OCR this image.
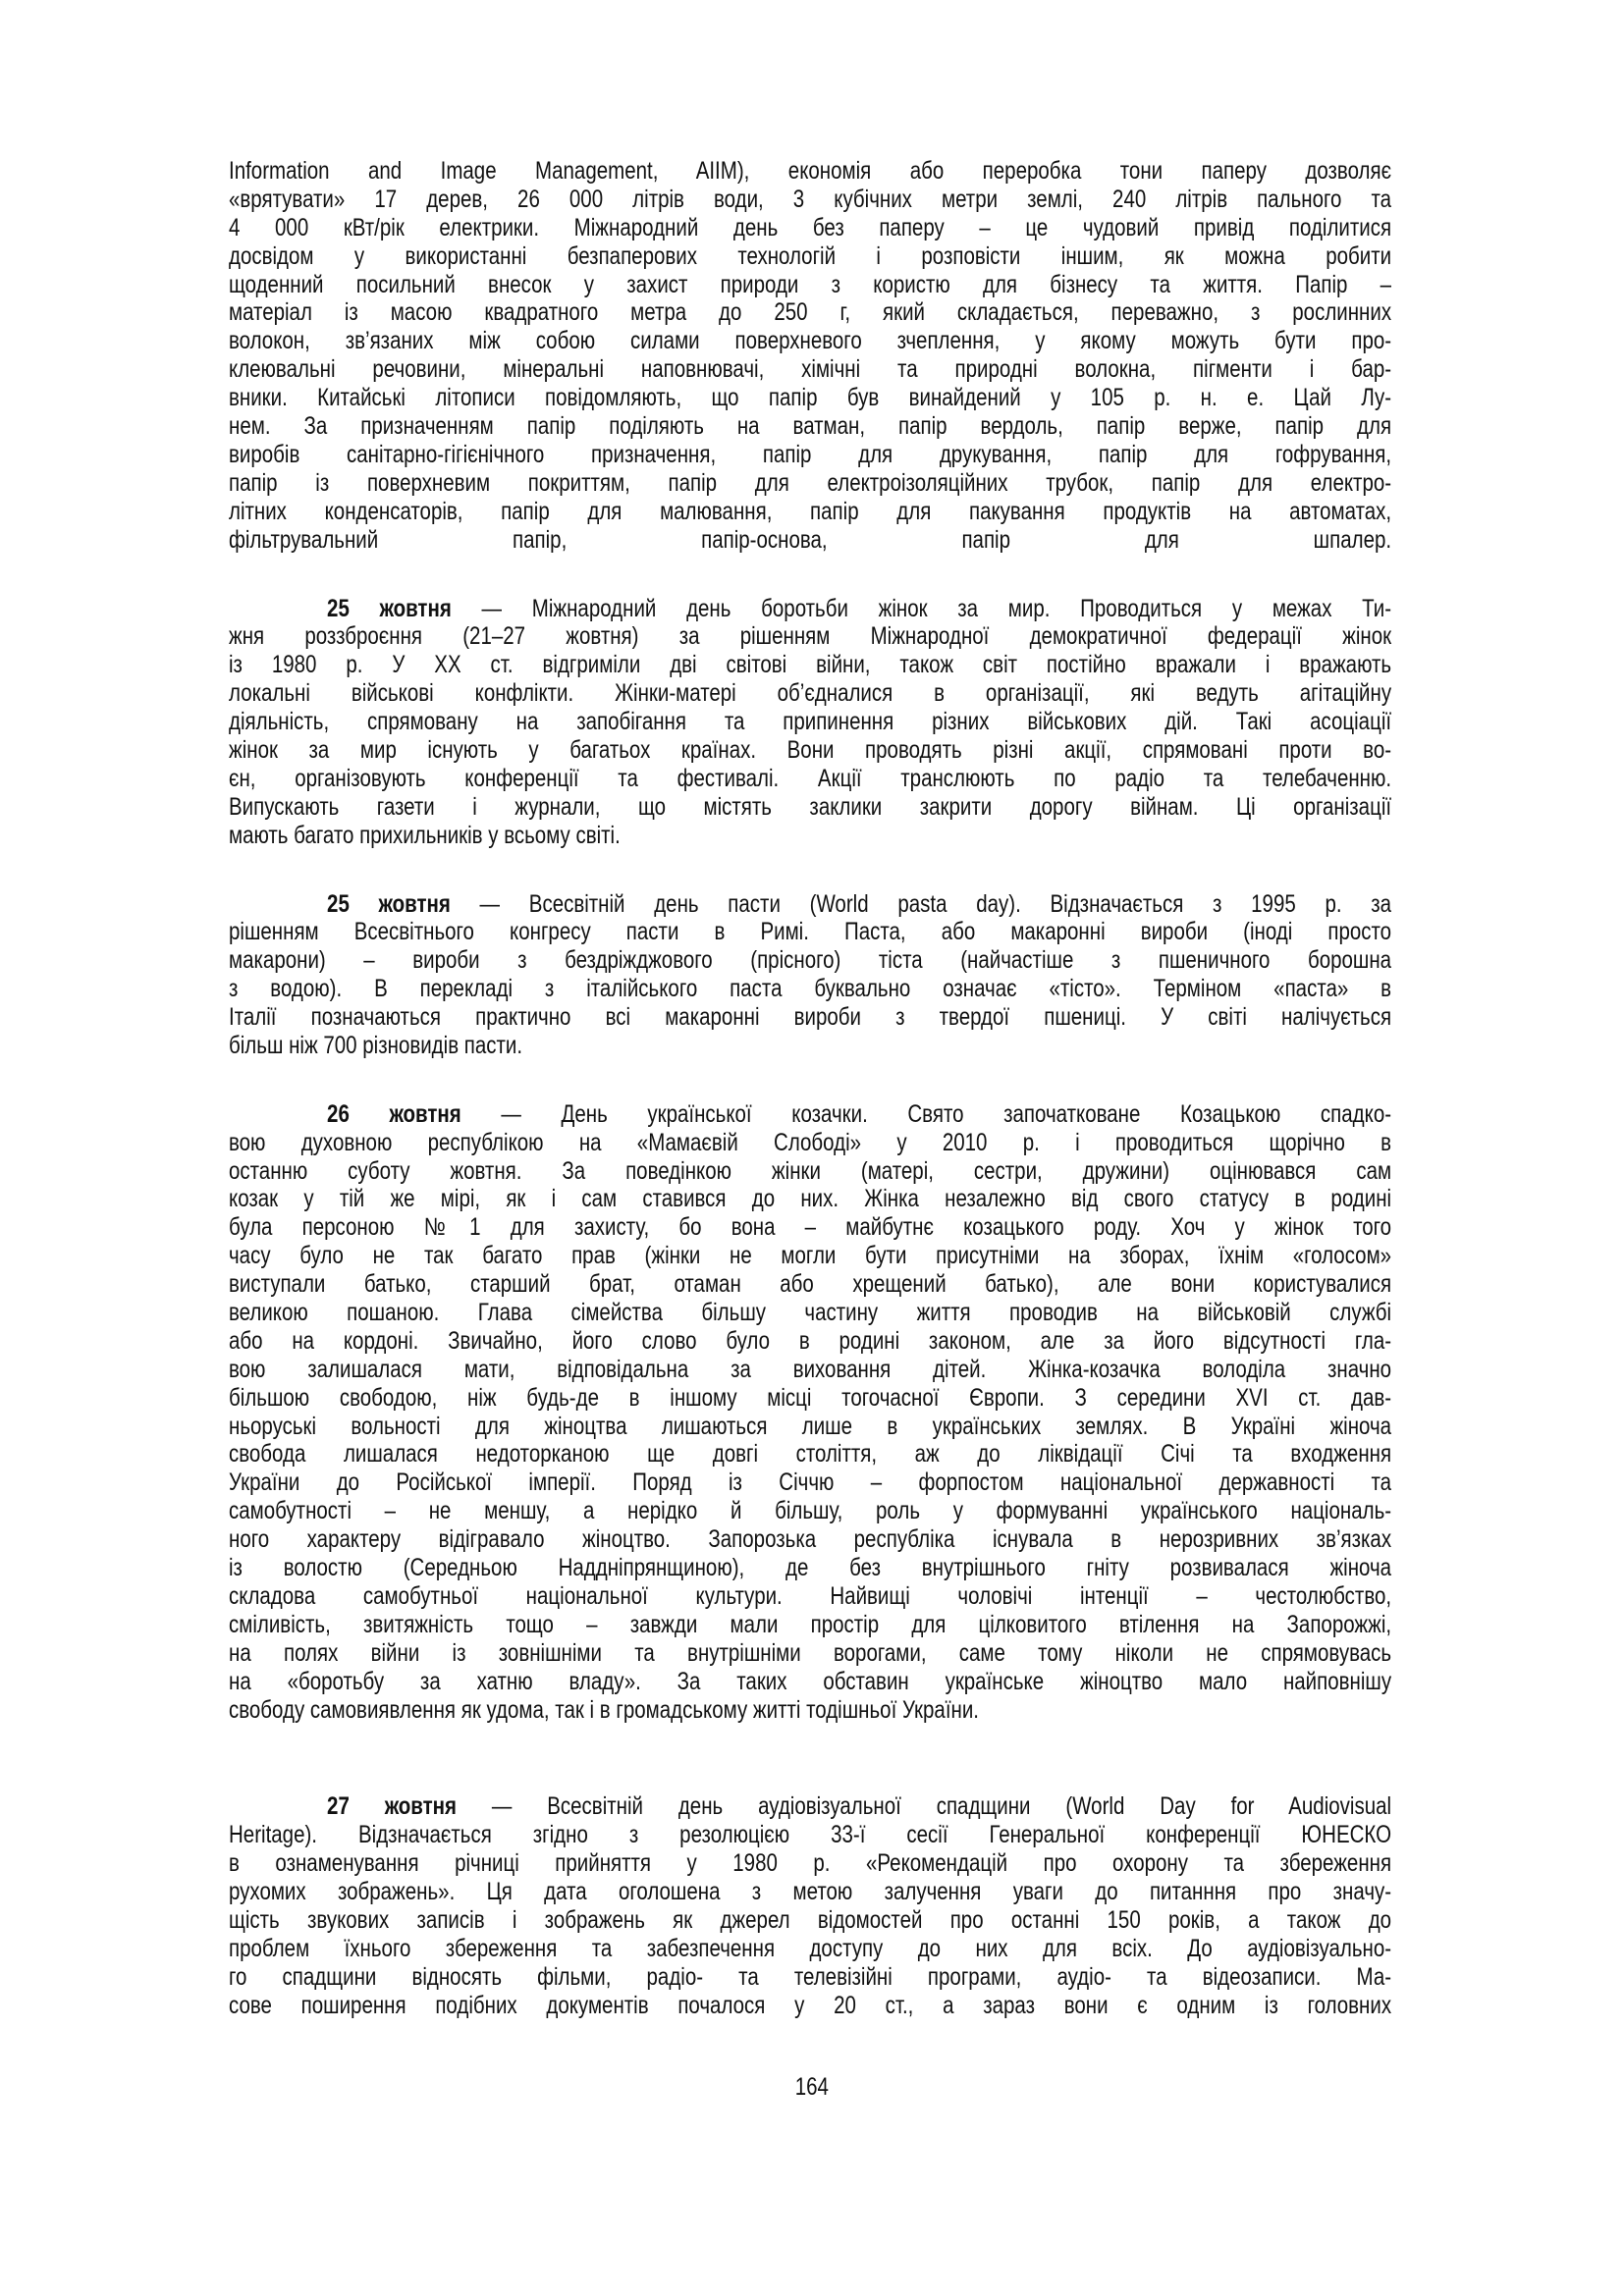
Information and Image Management, AIIM), економія або переробка тони паперу дозволяє
«врятувати» 17 дерев, 26 000 літрів води, 3 кубічних метри землі, 240 літрів пального та
4 000 кВт/рік електрики. Міжнародний день без паперу – це чудовий привід поділитися
досвідом у використанні безпаперових технологій і розповісти іншим, як можна робити
щоденний посильний внесок у захист природи з користю для бізнесу та життя. Папір –
матеріал із масою квадратного метра до 250 г, який складається, переважно, з рослинних
волокон, зв’язаних між собою силами поверхневого зчеплення, у якому можуть бути про-
клеювальні речовини, мінеральні наповнювачі, хімічні та природні волокна, пігменти і бар-
вники. Китайські літописи повідомляють, що папір був винайдений у 105 р. н. е. Цай Лу-
нем. За призначенням папір поділяють на ватман, папір вердоль, папір верже, папір для
виробів санітарно-гігієнічного призначення, папір для друкування, папір для гофрування,
папір із поверхневим покриттям, папір для електроізоляційних трубок, папір для електро-
літних конденсаторів, папір для малювання, папір для пакування продуктів на автоматах,
фільтрувальний папір, папір-основа, папір для шпалер.
25 жовтня — Міжнародний день боротьби жінок за мир. Проводиться у межах Ти-
жня роззброєння (21–27 жовтня) за рішенням Міжнародної демократичної федерації жінок
із 1980 р. У ХХ ст. відгриміли дві світові війни, також світ постійно вражали і вражають
локальні військові конфлікти. Жінки-матері об’єдналися в організації, які ведуть агітаційну
діяльність, спрямовану на запобігання та припинення різних військових дій. Такі асоціації
жінок за мир існують у багатьох країнах. Вони проводять різні акції, спрямовані проти во-
єн, організовують конференції та фестивалі. Акції транслюють по радіо та телебаченню.
Випускають газети і журнали, що містять заклики закрити дорогу війнам. Ці організації
мають багато прихильників у всьому світі.
25 жовтня — Всесвітній день пасти (World pasta day). Відзначається з 1995 р. за
рішенням Всесвітнього конгресу пасти в Римі. Паста, або макаронні вироби (іноді просто
макарони) – вироби з бездріжджового (прісного) тіста (найчастіше з пшеничного борошна
з водою). В перекладі з італійського паста буквально означає «тісто». Терміном «паста» в
Італії позначаються практично всі макаронні вироби з твердої пшениці. У світі налічується
більш ніж 700 різновидів пасти.
26 жовтня — День української козачки. Свято започатковане Козацькою спадко-
вою духовною республікою на «Мамаєвій Слободі» у 2010 р. і проводиться щорічно в
останню суботу жовтня. За поведінкою жінки (матері, сестри, дружини) оцінювався сам
козак у тій же мірі, як і сам ставився до них. Жінка незалежно від свого статусу в родині
була персоною №1 для захисту, бо вона – майбутнє козацького роду. Хоч у жінок того
часу було не так багато прав (жінки не могли бути присутніми на зборах, їхнім «голосом»
виступали батько, старший брат, отаман або хрещений батько), але вони користувалися
великою пошаною. Глава сімейства більшу частину життя проводив на військовій службі
або на кордоні. Звичайно, його слово було в родині законом, але за його відсутності гла-
вою залишалася мати, відповідальна за виховання дітей. Жінка-козачка володіла значно
більшою свободою, ніж будь-де в іншому місці тогочасної Європи. З середини XVI ст. дав-
ньоруські вольності для жіноцтва лишаються лише в українських землях. В Україні жіноча
свобода лишалася недоторканою ще довгі століття, аж до ліквідації Січі та входження
України до Російської імперії. Поряд із Січчю – форпостом національної державності та
самобутності – не меншу, а нерідко й більшу, роль у формуванні українського національ-
ного характеру відігравало жіноцтво. Запорозька республіка існувала в нерозривних зв’язках
із волостю (Середньою Наддніпрянщиною), де без внутрішнього гніту розвивалася жіноча
складова самобутньої національної культури. Найвищі чоловічі інтенції – честолюбство,
сміливість, звитяжність тощо – завжди мали простір для цілковитого втілення на Запорожжі,
на полях війни із зовнішніми та внутрішніми ворогами, саме тому ніколи не спрямовувась
на «боротьбу за хатню владу». За таких обставин українське жіноцтво мало найповнішу
свободу самовиявлення як удома, так і в громадському житті тодішньої України.
27 жовтня — Всесвітній день аудіовізуальної спадщини (World Day for Audiovisual
Heritage). Відзначається згідно з резолюцією 33-ї сесії Генеральної конференції ЮНЕСКО
в ознаменування річниці прийняття у 1980 р. «Рекомендацій про охорону та збереження
рухомих зображень». Ця дата оголошена з метою залучення уваги до питанння про значу-
щість звукових записів і зображень як джерел відомостей про останні 150 років, а також до
проблем їхнього збереження та забезпечення доступу до них для всіх. До аудіовізуально-
го спадщини відносять фільми, радіо- та телевізійні програми, аудіо- та відеозаписи. Ма-
сове поширення подібних документів почалося у 20 ст., а зараз вони є одним із головних
164
